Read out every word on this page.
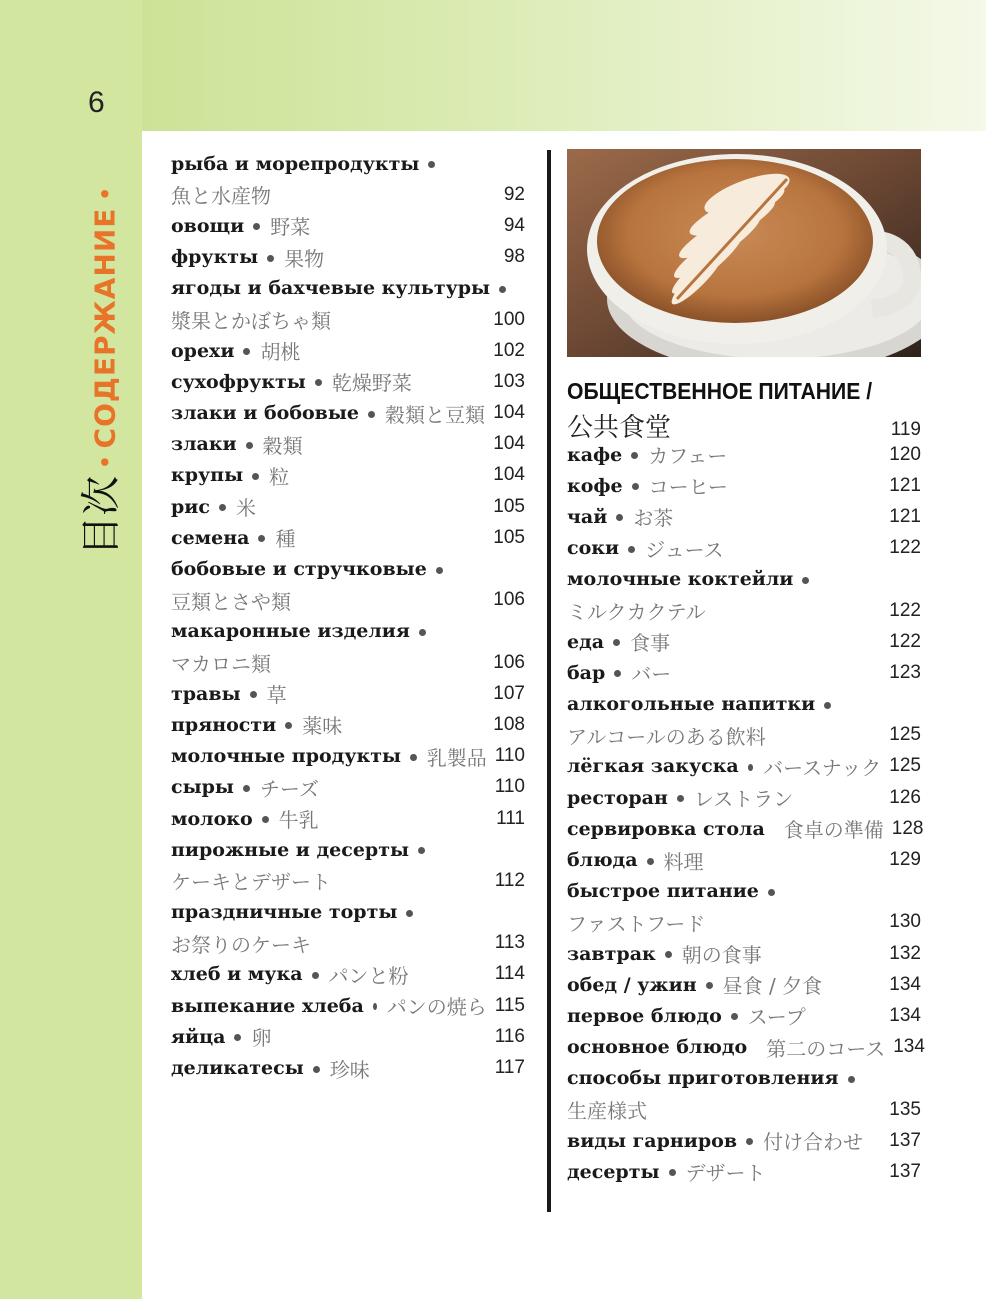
6
目次•СОДЕРЖАНИЕ•
рыба и морепродукты
魚と水産物	92
овощи 野菜	94
фрукты 果物	98
ягоды и бахчевые культуры
漿果とかぼちゃ類	100
орехи 胡桃	102
сухофрукты 乾燥野菜	103
злаки и бобовые 穀類と豆類 104
злаки 穀類	104
крупы 粒	104
рис 米	105
семена 種	105
бобовые и стручковые
豆類とさや類	106
макаронные изделия
マカロニ類	106
травы 草	107
пряности 薬味	108
молочные продукты 乳製品 110
сыры チーズ	110
молоко 牛乳	111
пирожные и десерты
ケーキとデザート	112
праздничные торты
お祭りのケーキ	113
хлеб и мука パンと粉	114
выпекание хлеба パンの焼ら 115
яйца 卵	116
деликатесы 珍味	117
ОБЩЕСТВЕННОЕ ПИТАНИЕ /
公共食堂	119
кафе カフェー	120
кофе コーヒー	121
чай お茶	121
соки ジュース	122
молочные коктейли
ミルクカクテル	122
еда 食事	122
бар バー	123
алкогольные напитки
アルコールのある飲料	125
лёгкая закуска バースナック 125
ресторан レストラン	126
сервировка стола 食卓の準備 128
блюда 料理	129
быстрое питание
ファストフード	130
завтрак 朝の食事	132
обед / ужин 昼食 / 夕食	134
первое блюдо スープ	134
основное блюдо 第二のコース 134
способы приготовления
生産様式	135
виды гарниров 付け合わせ	137
десерты デザート	137
